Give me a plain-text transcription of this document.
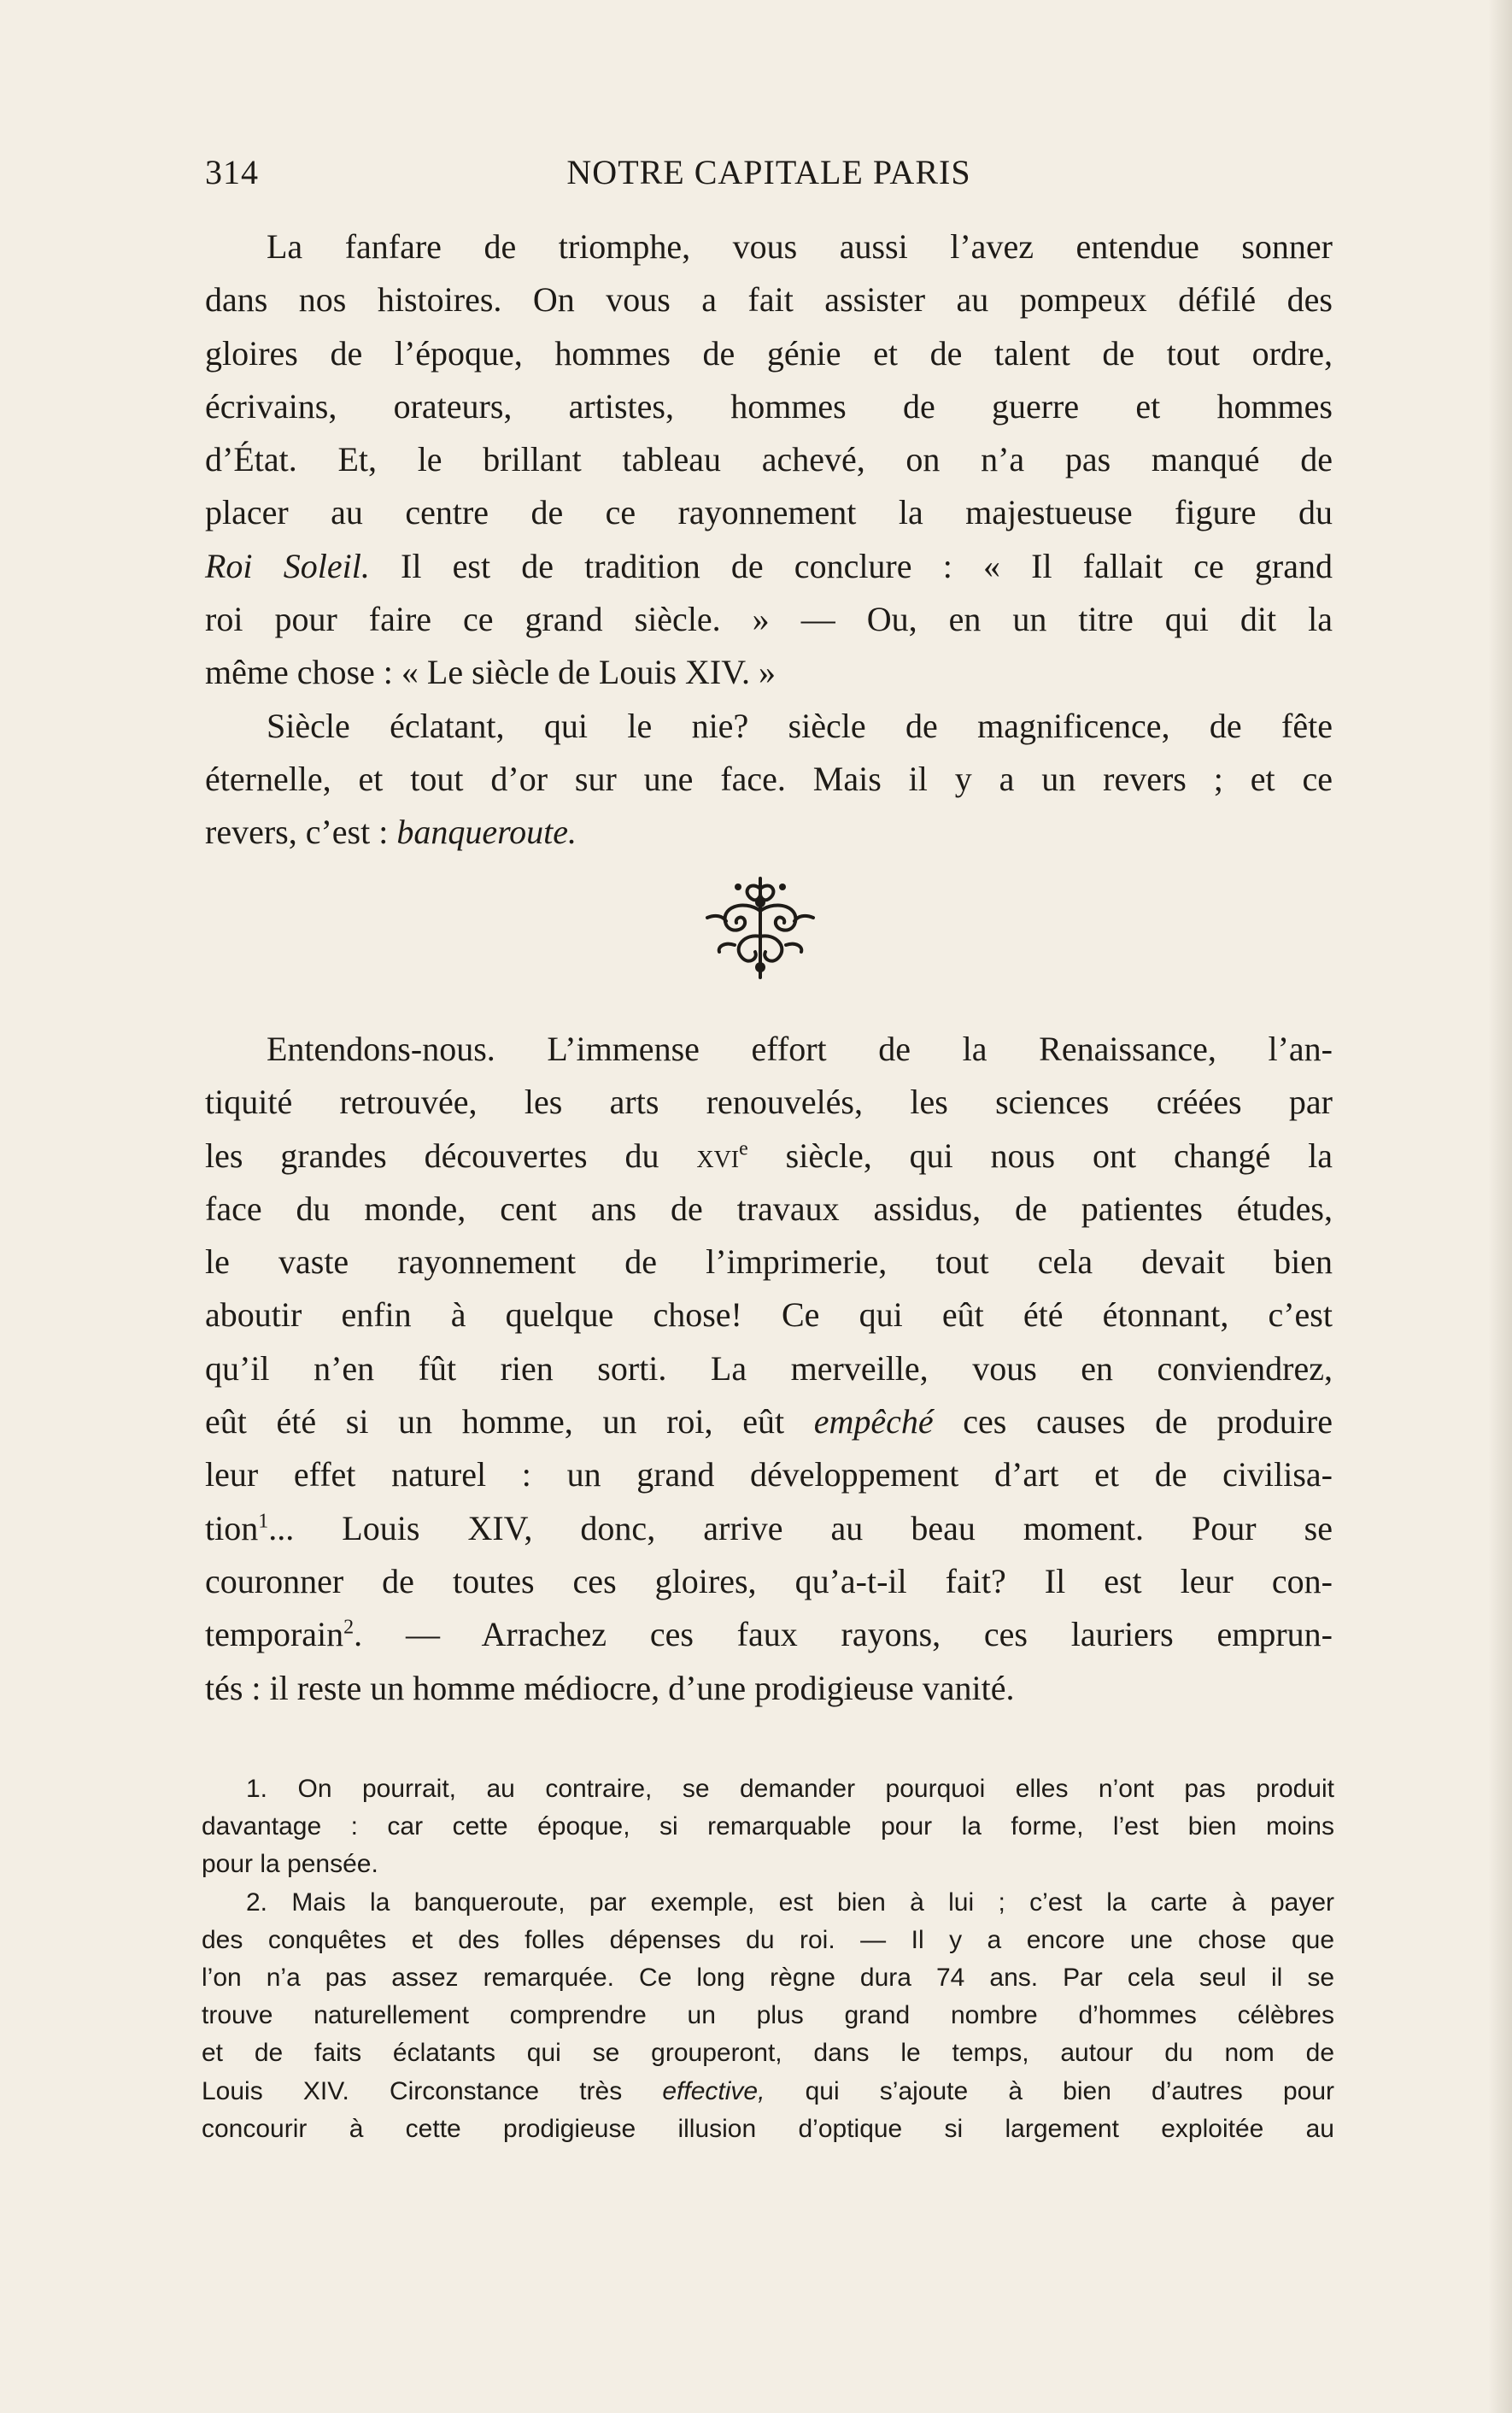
314	NOTRE CAPITALE PARIS
La fanfare de triomphe, vous aussi l’avez entendue sonner
dans nos histoires. On vous a fait assister au pompeux défilé des
gloires de l’époque, hommes de génie et de talent de tout ordre,
écrivains, orateurs, artistes, hommes de guerre et hommes
d’État. Et, le brillant tableau achevé, on n’a pas manqué de
placer au centre de ce rayonnement la majestueuse figure du
Roi Soleil. Il est de tradition de conclure : « Il fallait ce grand
roi pour faire ce grand siècle. » — Ou, en un titre qui dit la
même chose : « Le siècle de Louis XIV. »
Siècle éclatant, qui le nie? siècle de magnificence, de fête
éternelle, et tout d’or sur une face. Mais il y a un revers ; et ce
revers, c’est : banqueroute.
Entendons-nous. L’immense effort de la Renaissance, l’an-
tiquité retrouvée, les arts renouvelés, les sciences créées par
les grandes découvertes du xvi$^e$ siècle, qui nous ont changé la
face du monde, cent ans de travaux assidus, de patientes études,
le vaste rayonnement de l’imprimerie, tout cela devait bien
aboutir enfin à quelque chose! Ce qui eût été étonnant, c’est
qu’il n’en fût rien sorti. La merveille, vous en conviendrez,
eût été si un homme, un roi, eût empêché ces causes de produire
leur effet naturel : un grand développement d’art et de civilisa-
tion$^1$... Louis XIV, donc, arrive au beau moment. Pour se
couronner de toutes ces gloires, qu’a-t-il fait? Il est leur con-
temporain$^2$. — Arrachez ces faux rayons, ces lauriers emprun-
tés : il reste un homme médiocre, d’une prodigieuse vanité.
1. On pourrait, au contraire, se demander pourquoi elles n’ont pas produit
davantage : car cette époque, si remarquable pour la forme, l’est bien moins
pour la pensée.
2. Mais la banqueroute, par exemple, est bien à lui ; c’est la carte à payer
des conquêtes et des folles dépenses du roi. — Il y a encore une chose que
l’on n’a pas assez remarquée. Ce long règne dura 74 ans. Par cela seul il se
trouve naturellement comprendre un plus grand nombre d’hommes célèbres
et de faits éclatants qui se grouperont, dans le temps, autour du nom de
Louis XIV. Circonstance très effective, qui s’ajoute à bien d’autres pour
concourir à cette prodigieuse illusion d’optique si largement exploitée au
